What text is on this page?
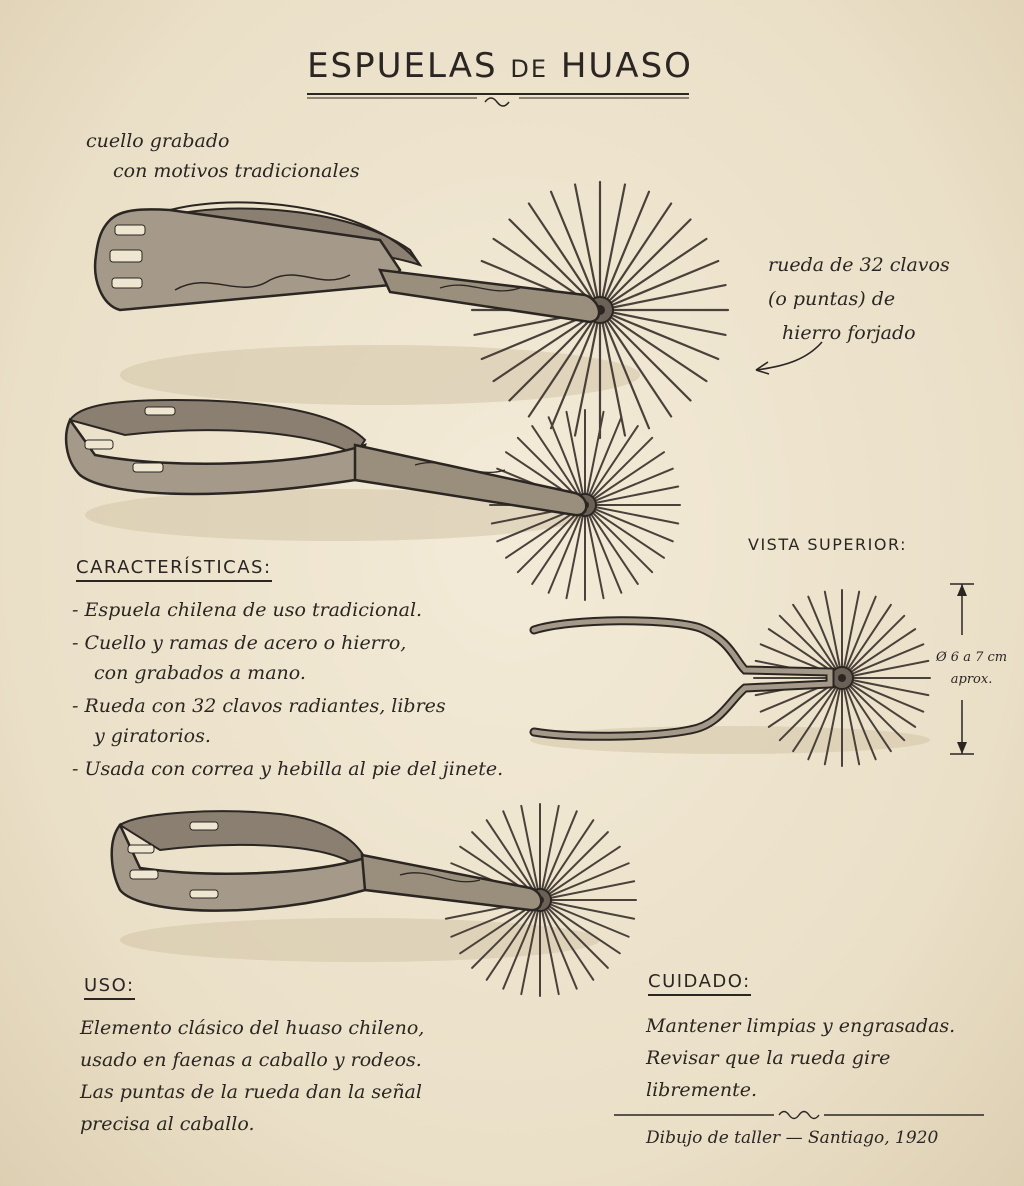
ESPUELAS DE HUASO
cuello grabado
con motivos tradicionales
rueda de 32 clavos
(o puntas) de
hierro forjado
CARACTERÍSTICAS:
- Espuela chilena de uso tradicional.
- Cuello y ramas de acero o hierro,
con grabados a mano.
- Rueda con 32 clavos radiantes, libres
y giratorios.
- Usada con correa y hebilla al pie del jinete.
VISTA SUPERIOR:
Ø 6 a 7 cm
aprox.
USO:
Elemento clásico del huaso chileno,
usado en faenas a caballo y rodeos.
Las puntas de la rueda dan la señal
precisa al caballo.
CUIDADO:
Mantener limpias y engrasadas.
Revisar que la rueda gire
libremente.
Dibujo de taller — Santiago, 1920
